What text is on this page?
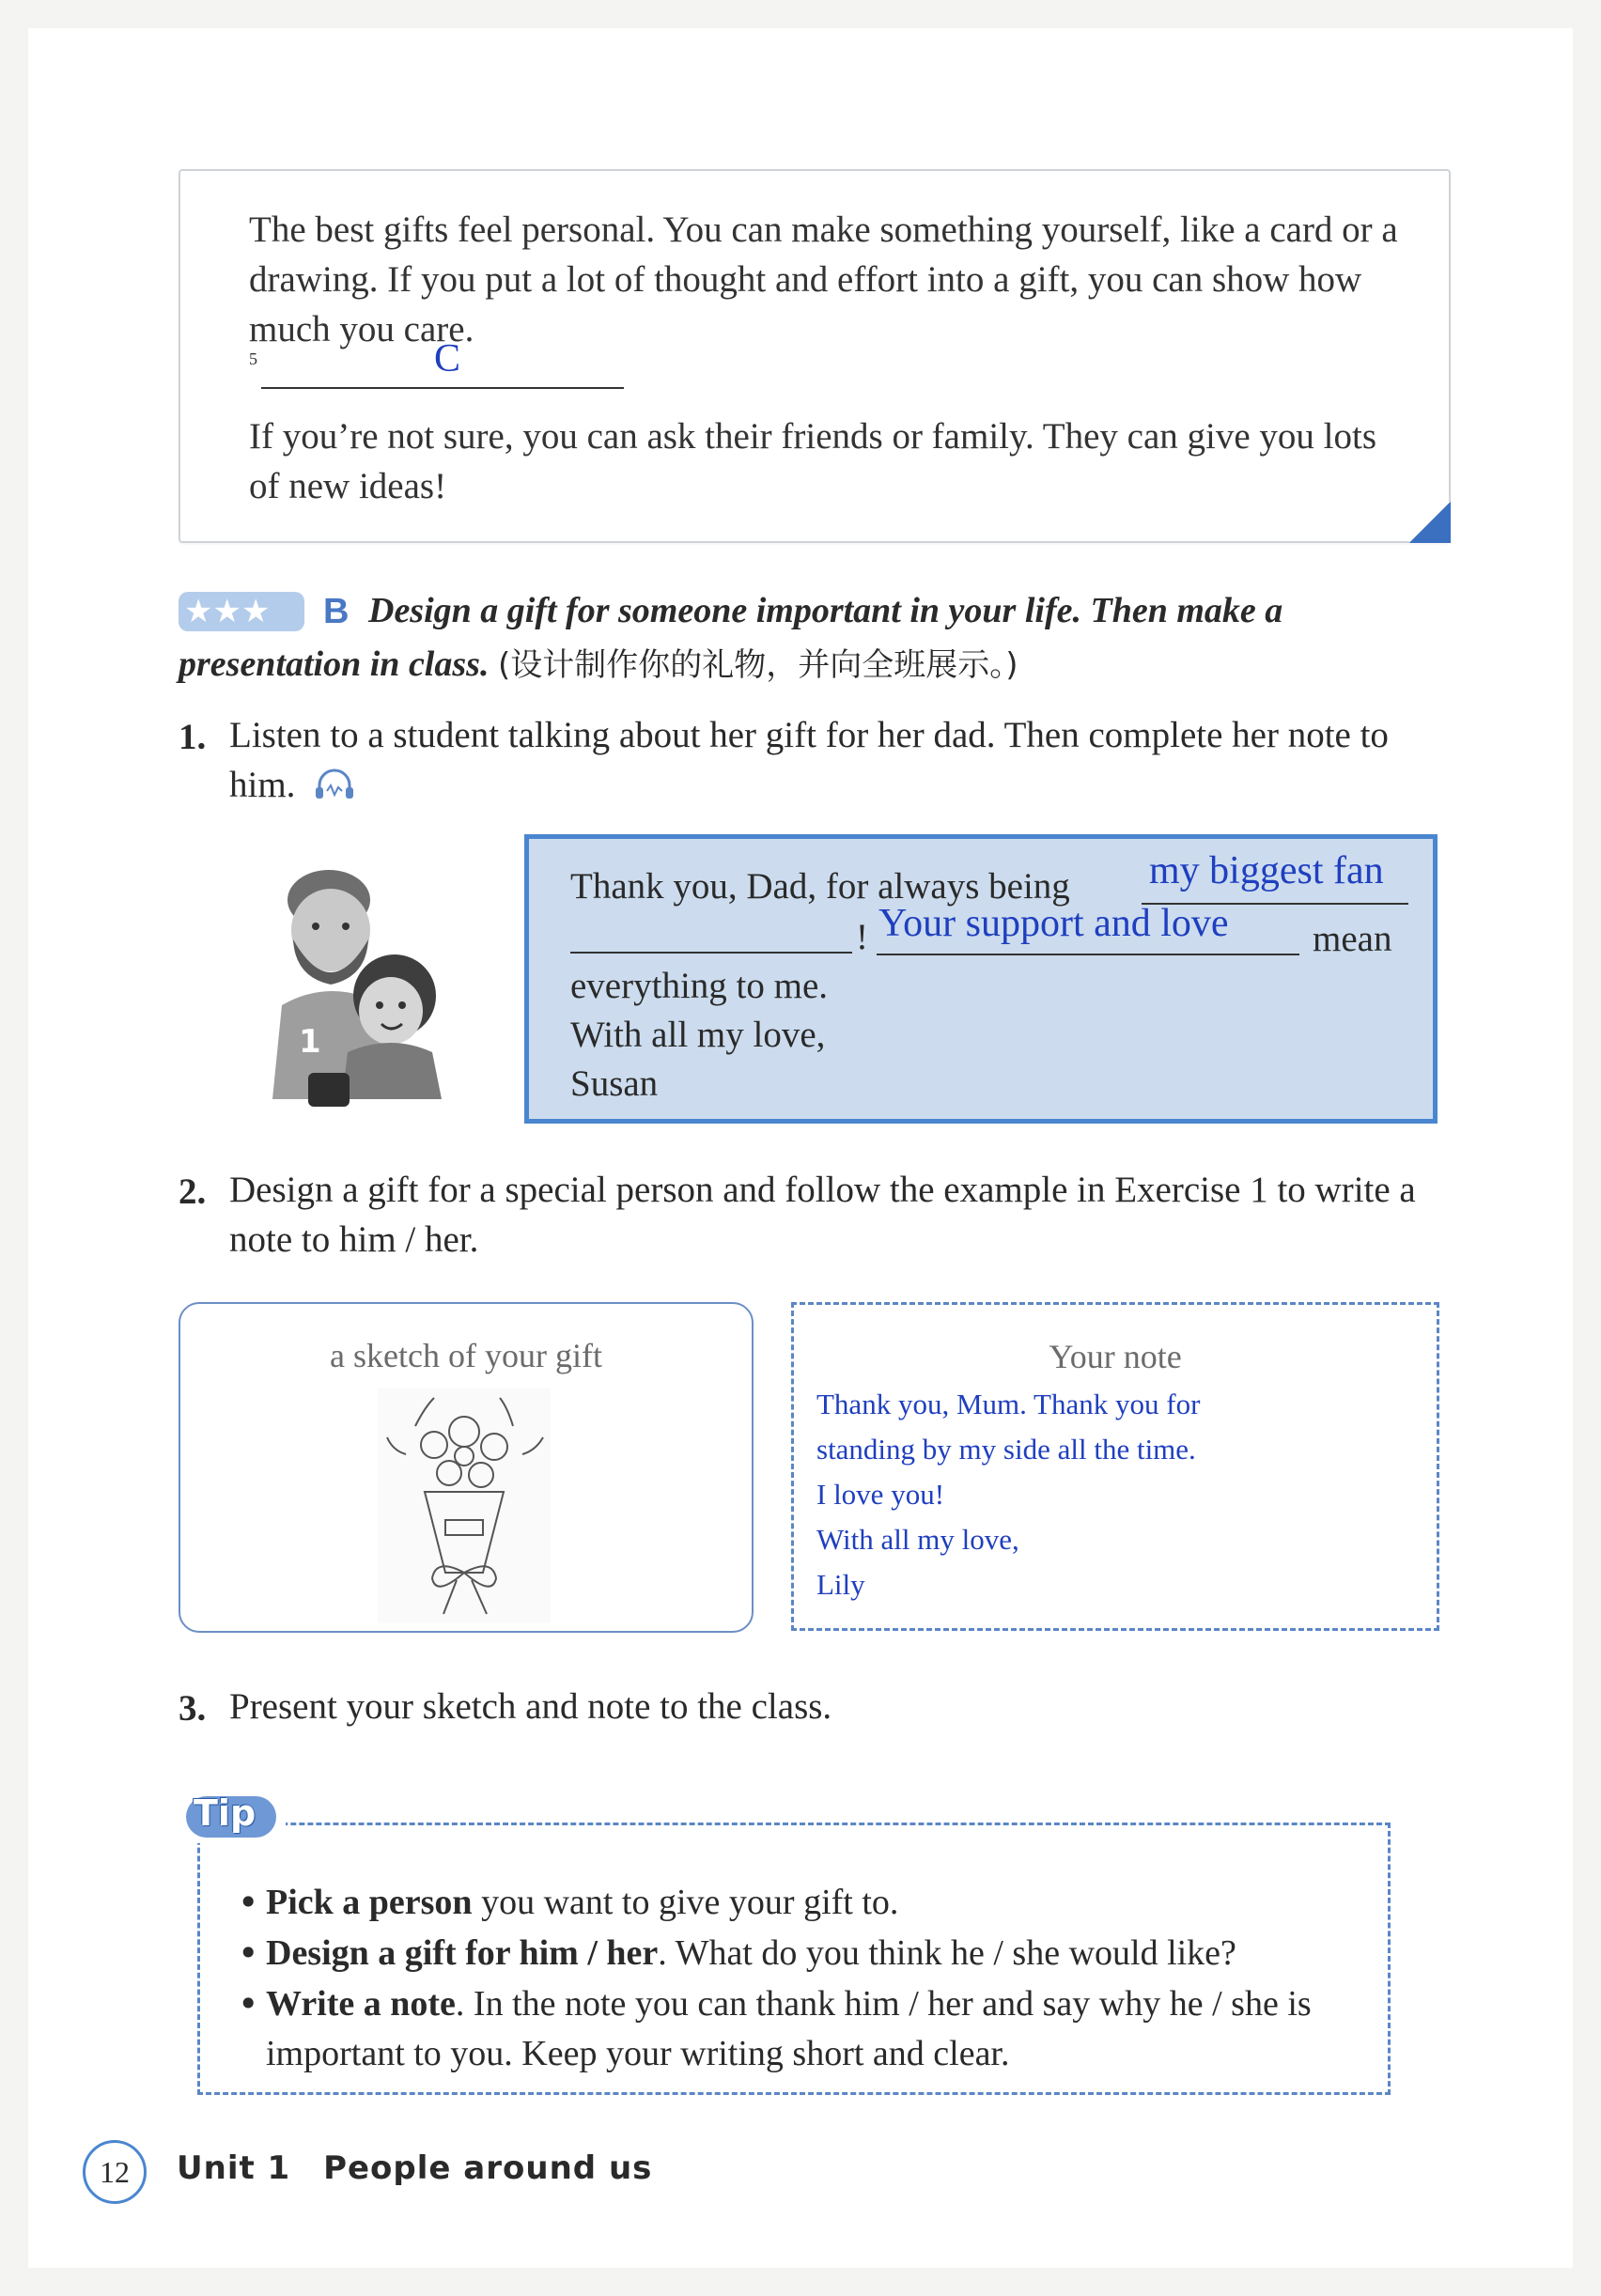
The best gifts feel personal. You can make something yourself, like a card or a drawing. If you put a lot of thought and effort into a gift, you can show how much you care.
5	C
If you’re not sure, you can ask their friends or family. They can give you lots of new ideas!
★★★	B Design a gift for someone important in your life. Then make a
presentation in class. (设计制作你的礼物，并向全班展示。)
1. Listen to a student talking about her gift for her dad. Then complete her note to him.
1
Thank you, Dad, for always being my biggest fan
! Your support and love mean
everything to me.
With all my love,
Susan
2. Design a gift for a special person and follow the example in Exercise 1 to write a note to him / her.
a sketch of your gift	Your note
Thank you, Mum. Thank you for
standing by my side all the time.
I love you!
With all my love,
Lily
3. Present your sketch and note to the class.
• Pick a person you want to give your gift to.
• Design a gift for him / her. What do you think he / she would like?
• Write a note. In the note you can thank him / her and say why he / she is important to you. Keep your writing short and clear.
Tip
12	Unit 1 People around us
